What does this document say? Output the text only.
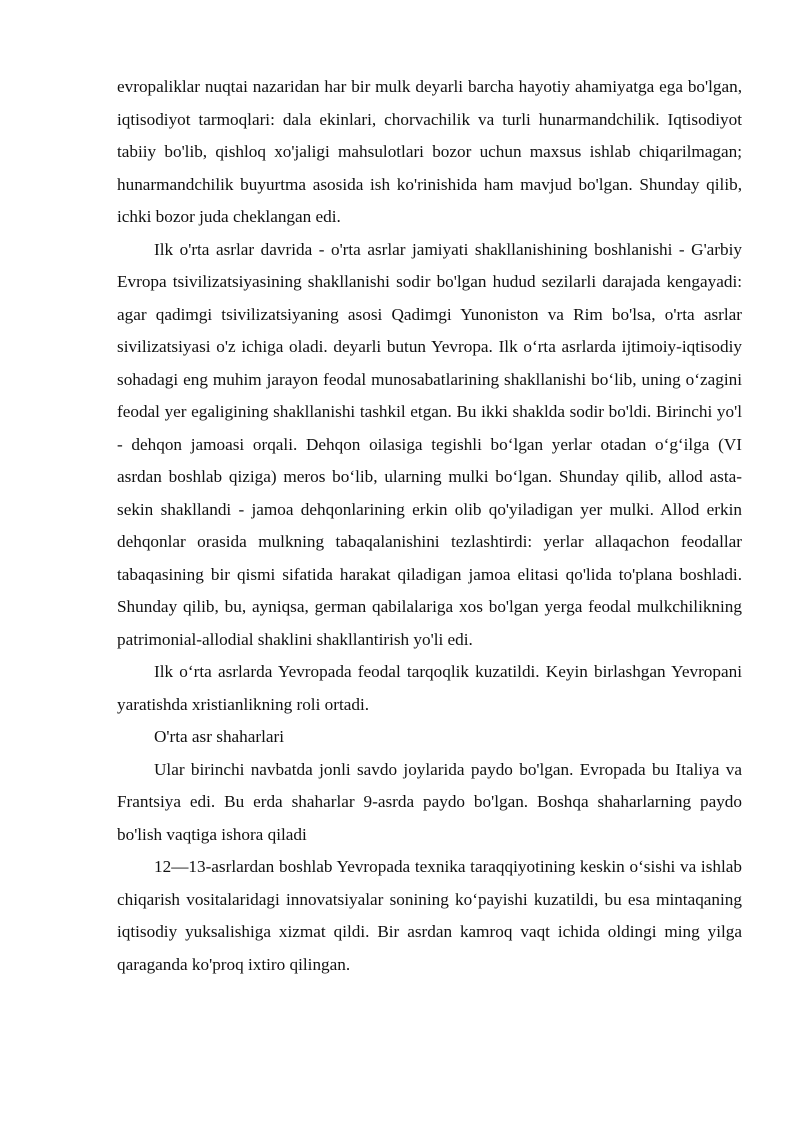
evropaliklar nuqtai nazaridan har bir mulk deyarli barcha hayotiy ahamiyatga ega bo'lgan, iqtisodiyot tarmoqlari: dala ekinlari, chorvachilik va turli hunarmandchilik. Iqtisodiyot tabiiy bo'lib, qishloq xo'jaligi mahsulotlari bozor uchun maxsus ishlab chiqarilmagan; hunarmandchilik buyurtma asosida ish ko'rinishida ham mavjud bo'lgan. Shunday qilib, ichki bozor juda cheklangan edi.

Ilk o'rta asrlar davrida - o'rta asrlar jamiyati shakllanishining boshlanishi - G'arbiy Evropa tsivilizatsiyasining shakllanishi sodir bo'lgan hudud sezilarli darajada kengayadi: agar qadimgi tsivilizatsiyaning asosi Qadimgi Yunoniston va Rim bo'lsa, o'rta asrlar sivilizatsiyasi o'z ichiga oladi. deyarli butun Yevropa. Ilk o‘rta asrlarda ijtimoiy-iqtisodiy sohadagi eng muhim jarayon feodal munosabatlarining shakllanishi bo‘lib, uning o‘zagini feodal yer egaligining shakllanishi tashkil etgan. Bu ikki shaklda sodir bo'ldi. Birinchi yo'l - dehqon jamoasi orqali. Dehqon oilasiga tegishli bo‘lgan yerlar otadan o‘g‘ilga (VI asrdan boshlab qiziga) meros bo‘lib, ularning mulki bo‘lgan. Shunday qilib, allod asta-sekin shakllandi - jamoa dehqonlarining erkin olib qo'yiladigan yer mulki. Allod erkin dehqonlar orasida mulkning tabaqalanishini tezlashtirdi: yerlar allaqachon feodallar tabaqasining bir qismi sifatida harakat qiladigan jamoa elitasi qo'lida to'plana boshladi. Shunday qilib, bu, ayniqsa, german qabilalariga xos bo'lgan yerga feodal mulkchilikning patrimonial-allodial shaklini shakllantirish yo'li edi.

Ilk o‘rta asrlarda Yevropada feodal tarqoqlik kuzatildi. Keyin birlashgan Yevropani yaratishda xristianlikning roli ortadi.

O'rta asr shaharlari

Ular birinchi navbatda jonli savdo joylarida paydo bo'lgan. Evropada bu Italiya va Frantsiya edi. Bu erda shaharlar 9-asrda paydo bo'lgan. Boshqa shaharlarning paydo bo'lish vaqtiga ishora qiladi

12—13-asrlardan boshlab Yevropada texnika taraqqiyotining keskin o‘sishi va ishlab chiqarish vositalaridagi innovatsiyalar sonining ko‘payishi kuzatildi, bu esa mintaqaning iqtisodiy yuksalishiga xizmat qildi. Bir asrdan kamroq vaqt ichida oldingi ming yilga qaraganda ko'proq ixtiro qilingan.
